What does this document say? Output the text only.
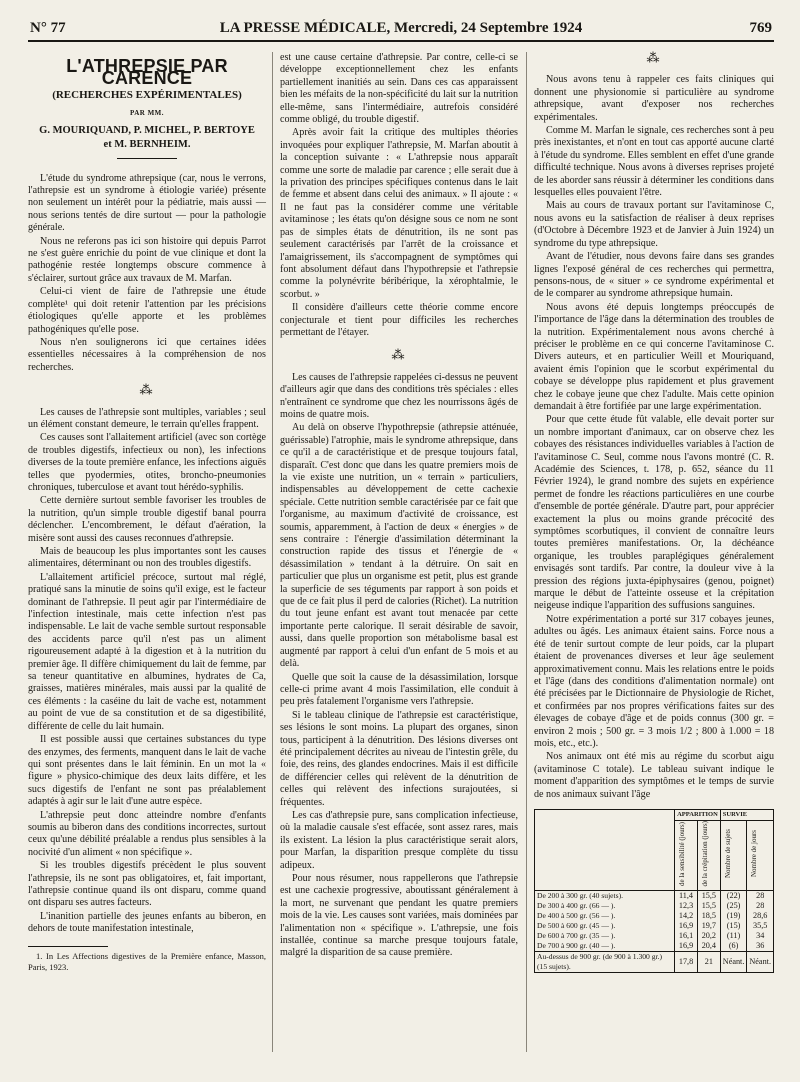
N° 77	LA PRESSE MÉDICALE, Mercredi, 24 Septembre 1924	769
L'ATHREPSIE PAR CARENCE
(RECHERCHES EXPÉRIMENTALES)
PAR MM.
G. MOURIQUAND, P. MICHEL, P. BERTOYE
et M. BERNHEIM.

L'étude du syndrome athrepsique (car, nous le verrons, l'athrepsie est un syndrome à étiologie variée) présente non seulement un intérêt pour la pédiatrie, mais aussi — nous serions tentés de dire surtout — pour la pathologie générale.

Nous ne referons pas ici son histoire qui depuis Parrot ne s'est guère enrichie du point de vue clinique et dont la pathogénie restée longtemps obscure commence à s'éclairer, surtout grâce aux travaux de M. Marfan.

Celui-ci vient de faire de l'athrepsie une étude complète¹ qui doit retenir l'attention par les précisions étiologiques qu'elle apporte et les problèmes pathogéniques qu'elle pose.

Nous n'en soulignerons ici que certaines idées essentielles nécessaires à la compréhension de nos recherches.

⁂

Les causes de l'athrepsie sont multiples, variables ; seul un élément constant demeure, le terrain qu'elles frappent.

Ces causes sont l'allaitement artificiel (avec son cortège de troubles digestifs, infectieux ou non), les infections diverses de la toute première enfance, les infections aiguës telles que pyodermies, otites, broncho-pneumonies chroniques, tuberculose et avant tout hérédo-syphilis.

Cette dernière surtout semble favoriser les troubles de la nutrition, qu'un simple trouble digestif banal pourra déclencher. L'encombrement, le défaut d'aération, la misère sont aussi des causes reconnues d'athrepsie.

Mais de beaucoup les plus importantes sont les causes alimentaires, déterminant ou non des troubles digestifs.

L'allaitement artificiel précoce, surtout mal réglé, pratiqué sans la minutie de soins qu'il exige, est le facteur dominant de l'athrepsie. Il peut agir par l'intermédiaire de l'infection intestinale, mais cette infection n'est pas indispensable. Le lait de vache semble surtout responsable des accidents parce qu'il n'est pas un aliment rigoureusement adapté à la digestion et à la nutrition du premier âge. Il diffère chimiquement du lait de femme, par sa teneur quantitative en albumines, hydrates de Ca, graisses, matières minérales, mais aussi par la qualité de ces éléments : la caséine du lait de vache est, notamment au point de vue de sa constitution et de sa digestibilité, différente de celle du lait humain.

Il est possible aussi que certaines substances du type des enzymes, des ferments, manquent dans le lait de vache qui sont présentes dans le lait féminin. En un mot la « figure » physico-chimique des deux laits diffère, et les sucs digestifs de l'enfant ne sont pas préalablement adaptés à agir sur le lait d'une autre espèce.

L'athrepsie peut donc atteindre nombre d'enfants soumis au biberon dans des conditions incorrectes, surtout ceux qu'une débilité préalable a rendus plus sensibles à la nocivité d'un aliment « non spécifique ».

Si les troubles digestifs précèdent le plus souvent l'athrepsie, ils ne sont pas obligatoires, et, fait important, l'athrepsie continue quand ils ont disparu, comme quand ont disparu ses autres facteurs.

L'inanition partielle des jeunes enfants au biberon, en dehors de toute manifestation intestinale,

1. In Les Affections digestives de la Première enfance, Masson, Paris, 1923.

est une cause certaine d'athrepsie. Par contre, celle-ci se développe exceptionnellement chez les enfants partiellement inanitiés au sein. Dans ces cas apparaissent bien les méfaits de la non-spécificité du lait sur la nutrition elle-même, sans l'intermédiaire, autrefois considéré comme obligé, du trouble digestif.

Après avoir fait la critique des multiples théories invoquées pour expliquer l'athrepsie, M. Marfan aboutit à la conception suivante : « L'athrepsie nous apparaît comme une sorte de maladie par carence ; elle serait due à la privation des principes spécifiques contenus dans le lait de femme et absent dans celui des animaux. » Il ajoute : « Il ne faut pas la considérer comme une véritable avitaminose ; les états qu'on désigne sous ce nom ne sont pas de simples états de dénutrition, ils ne sont pas seulement caractérisés par l'arrêt de la croissance et l'amaigrissement, ils s'accompagnent de symptômes qui font absolument défaut dans l'hypothrepsie et l'athrepsie comme la polynévrite béribérique, la xérophtalmie, le scorbut. »

Il considère d'ailleurs cette théorie comme encore conjecturale et tient pour difficiles les recherches permettant de l'étayer.

⁂

Les causes de l'athrepsie rappelées ci-dessus ne peuvent d'ailleurs agir que dans des conditions très spéciales : elles n'entraînent ce syndrome que chez les nourrissons âgés de moins de quatre mois.

Au delà on observe l'hypothrepsie (athrepsie atténuée, guérissable) l'atrophie, mais le syndrome athrepsique, dans ce qu'il a de caractéristique et de presque toujours fatal, disparaît. C'est donc que dans les quatre premiers mois de la vie existe une nutrition, un « terrain » particuliers, indispensables au développement de cette cachexie spéciale. Cette nutrition semble caractérisée par ce fait que l'organisme, au maximum d'activité de croissance, est soumis, apparemment, à l'action de deux « énergies » de sens contraire : l'énergie d'assimilation déterminant la construction rapide des tissus et l'énergie de « désassimilation » tendant à la détruire. On sait en particulier que plus un organisme est petit, plus est grande la superficie de ses téguments par rapport à son poids et que de ce fait plus il perd de calories (Richet). La nutrition du tout jeune enfant est avant tout menacée par cette importante perte calorique. Il serait désirable de savoir, aussi, dans quelle proportion son métabolisme basal est augmenté par rapport à celui d'un enfant de 5 mois et au delà.

Quelle que soit la cause de la désassimilation, lorsque celle-ci prime avant 4 mois l'assimilation, elle conduit à peu près fatalement l'organisme vers l'athrepsie.

Si le tableau clinique de l'athrepsie est caractéristique, ses lésions le sont moins. La plupart des organes, sinon tous, participent à la dénutrition. Des lésions diverses ont été principalement décrites au niveau de l'intestin grêle, du foie, des reins, des glandes endocrines. Mais il est difficile de différencier celles qui relèvent de la dénutrition de celles qui relèvent des infections surajoutées, si fréquentes.

Les cas d'athrepsie pure, sans complication infectieuse, où la maladie causale s'est effacée, sont assez rares, mais ils existent. La lésion la plus caractéristique serait alors, pour Marfan, la disparition presque complète du tissu adipeux.

Pour nous résumer, nous rappellerons que l'athrepsie est une cachexie progressive, aboutissant généralement à la mort, ne survenant que pendant les quatre premiers mois de la vie. Les causes sont variées, mais dominées par l'alimentation non « spécifique ». L'athrepsie, une fois installée, continue sa marche presque toujours fatale, malgré la disparition de sa cause première.

⁂

Nous avons tenu à rappeler ces faits cliniques qui donnent une physionomie si particulière au syndrome athrepsique, avant d'exposer nos recherches expérimentales.

Comme M. Marfan le signale, ces recherches sont à peu près inexistantes, et n'ont en tout cas apporté aucune clarté à l'étude du syndrome. Elles semblent en effet d'une grande difficulté technique. Nous avons à diverses reprises projeté de les aborder sans réussir à déterminer les conditions dans lesquelles elles pouvaient l'être.

Mais au cours de travaux portant sur l'avitaminose C, nous avons eu la satisfaction de réaliser à deux reprises (d'Octobre à Décembre 1923 et de Janvier à Juin 1924) un syndrome du type athrepsique.

Avant de l'étudier, nous devons faire dans ses grandes lignes l'exposé général de ces recherches qui permettra, pensons-nous, de « situer » ce syndrome expérimental et de le comparer au syndrome athrepsique humain.

Nous avons été depuis longtemps préoccupés de l'importance de l'âge dans la détermination des troubles de la nutrition. Expérimentalement nous avons cherché à préciser le problème en ce qui concerne l'avitaminose C. Divers auteurs, et en particulier Weill et Mouriquand, avaient émis l'opinion que le scorbut expérimental du cobaye se développe plus rapidement et plus gravement chez le cobaye jeune que chez l'adulte. Mais cette opinion demandait à être fortifiée par une large expérimentation.

Pour que cette étude fût valable, elle devait porter sur un nombre important d'animaux, car on observe chez les cobayes des résistances individuelles variables à l'action de l'avitaminose C. Seul, comme nous l'avons montré (C. R. Académie des Sciences, t. 178, p. 652, séance du 11 Février 1924), le grand nombre des sujets en expérience permet de fondre les réactions particulières en une courbe d'ensemble de portée générale. D'autre part, pour apprécier exactement la plus ou moins grande précocité des symptômes scorbutiques, il convient de connaître leurs toutes premières manifestations. Or, la déchéance organique, les troubles paraplégiques généralement envisagés sont tardifs. Par contre, la douleur vive à la pression des régions juxta-épiphysaires (genou, poignet) marque le début de l'atteinte osseuse et la crépitation neigeuse indique l'apparition des suffusions sanguines.

Notre expérimentation a porté sur 317 cobayes jeunes, adultes ou âgés. Les animaux étaient sains. Force nous a été de tenir surtout compte de leur poids, car la plupart étaient de provenances diverses et leur âge seulement approximativement connu. Mais les relations entre le poids et l'âge (dans des conditions d'alimentation normale) ont été précisées par le Dictionnaire de Physiologie de Richet, et confirmées par nos propres vérifications faites sur des élevages de cobaye d'âge et de poids connus (300 gr. = environ 2 mois ; 500 gr. = 3 mois 1/2 ; 800 à 1.000 = 18 mois, etc., etc.).

Nos animaux ont été mis au régime du scorbut aigu (avitaminose C totale). Le tableau suivant indique le moment d'apparition des symptômes et le temps de survie de nos animaux suivant l'âge

	APPARITION		SURVIE	
	de la sensibilité (jours)	de la crépitation (jours)	Nombre de sujets	Nombre de jours
De 200 à 300 gr. (40 sujets).	11,4	15,5	(22)	28
De 300 à 400 gr. (66 — ).	12,3	15,5	(25)	28
De 400 à 500 gr. (56 — ).	14,2	18,5	(19)	28,6
De 500 à 600 gr. (45 — ).	16,9	19,7	(15)	35,5
De 600 à 700 gr. (35 — ).	16,1	20,2	(11)	34
De 700 à 900 gr. (40 — ).	16,9	20,4	(6)	36
Au-dessus de 900 gr. (de 900 à 1.300 gr.) (15 sujets).	17,8	21	Néant.	Néant.
